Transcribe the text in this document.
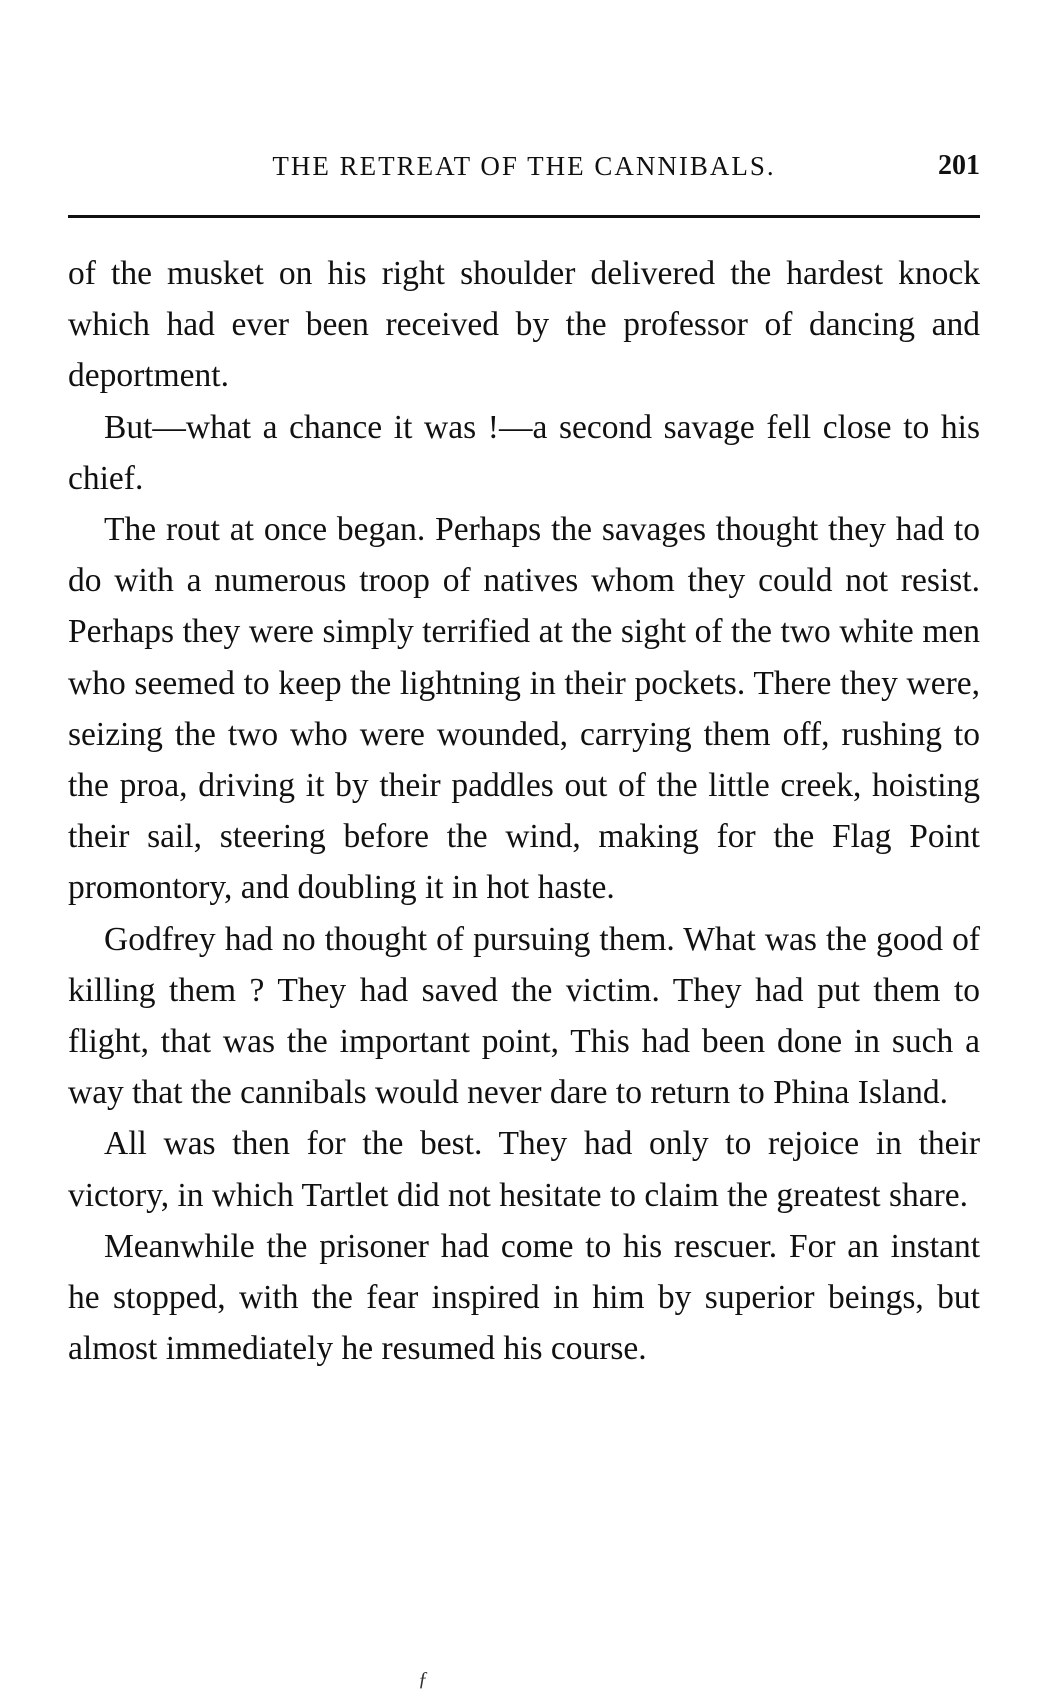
THE RETREAT OF THE CANNIBALS.	201

of the musket on his right shoulder delivered the hardest knock which had ever been received by the professor of dancing and deportment.

But—what a chance it was !—a second savage fell close to his chief.

The rout at once began. Perhaps the savages thought they had to do with a numerous troop of natives whom they could not resist. Perhaps they were simply terrified at the sight of the two white men who seemed to keep the lightning in their pockets. There they were, seizing the two who were wounded, carrying them off, rushing to the proa, driving it by their paddles out of the little creek, hoisting their sail, steering before the wind, making for the Flag Point promontory, and doubling it in hot haste.

Godfrey had no thought of pursuing them. What was the good of killing them ? They had saved the victim. They had put them to flight, that was the important point, This had been done in such a way that the cannibals would never dare to return to Phina Island.

All was then for the best. They had only to rejoice in their victory, in which Tartlet did not hesitate to claim the greatest share.

Meanwhile the prisoner had come to his rescuer. For an instant he stopped, with the fear inspired in him by superior beings, but almost immediately he resumed his course.

ƒ
